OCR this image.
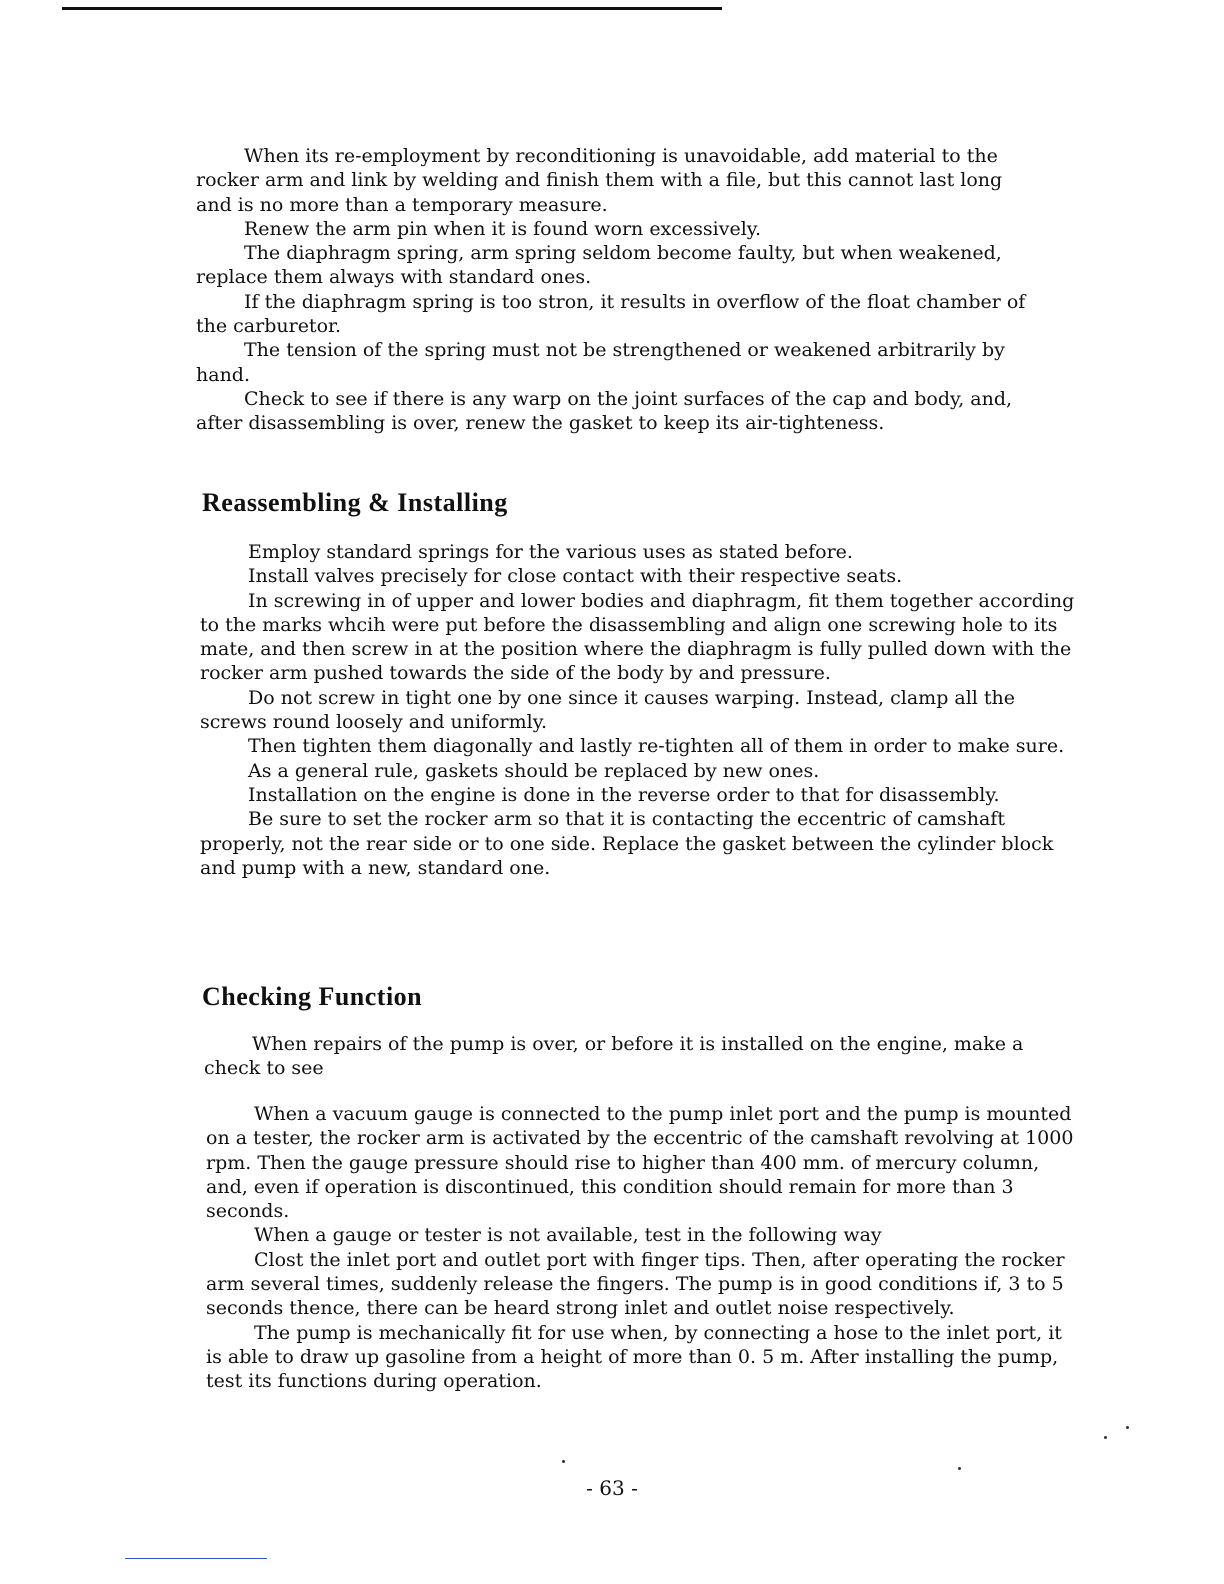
When its re-employment by reconditioning is unavoidable, add material to the rocker arm and link by welding and finish them with a file, but this cannot last long and is no more than a temporary measure.

Renew the arm pin when it is found worn excessively.

The diaphragm spring, arm spring seldom become faulty, but when weakened, replace them always with standard ones.

If the diaphragm spring is too stron, it results in overflow of the float chamber of the carburetor.

The tension of the spring must not be strengthened or weakened arbitrarily by hand.

Check to see if there is any warp on the joint surfaces of the cap and body, and, after disassembling is over, renew the gasket to keep its air-tighteness.

Reassembling & Installing

Employ standard springs for the various uses as stated before.

Install valves precisely for close contact with their respective seats.

In screwing in of upper and lower bodies and diaphragm, fit them together according to the marks whcih were put before the disassembling and align one screwing hole to its mate, and then screw in at the position where the diaphragm is fully pulled down with the rocker arm pushed towards the side of the body by and pressure.

Do not screw in tight one by one since it causes warping. Instead, clamp all the screws round loosely and uniformly.

Then tighten them diagonally and lastly re-tighten all of them in order to make sure.

As a general rule, gaskets should be replaced by new ones.

Installation on the engine is done in the reverse order to that for disassembly.

Be sure to set the rocker arm so that it is contacting the eccentric of camshaft properly, not the rear side or to one side. Replace the gasket between the cylinder block and pump with a new, standard one.

Checking Function

When repairs of the pump is over, or before it is installed on the engine, make a check to see

When a vacuum gauge is connected to the pump inlet port and the pump is mounted on a tester, the rocker arm is activated by the eccentric of the camshaft revolving at 1000 rpm. Then the gauge pressure should rise to higher than 400 mm. of mercury column, and, even if operation is discontinued, this condition should remain for more than 3 seconds.

When a gauge or tester is not available, test in the following way

Clost the inlet port and outlet port with finger tips. Then, after operating the rocker arm several times, suddenly release the fingers. The pump is in good conditions if, 3 to 5 seconds thence, there can be heard strong inlet and outlet noise respectively.

The pump is mechanically fit for use when, by connecting a hose to the inlet port, it is able to draw up gasoline from a height of more than 0. 5 m. After installing the pump, test its functions during operation.

- 63 -
